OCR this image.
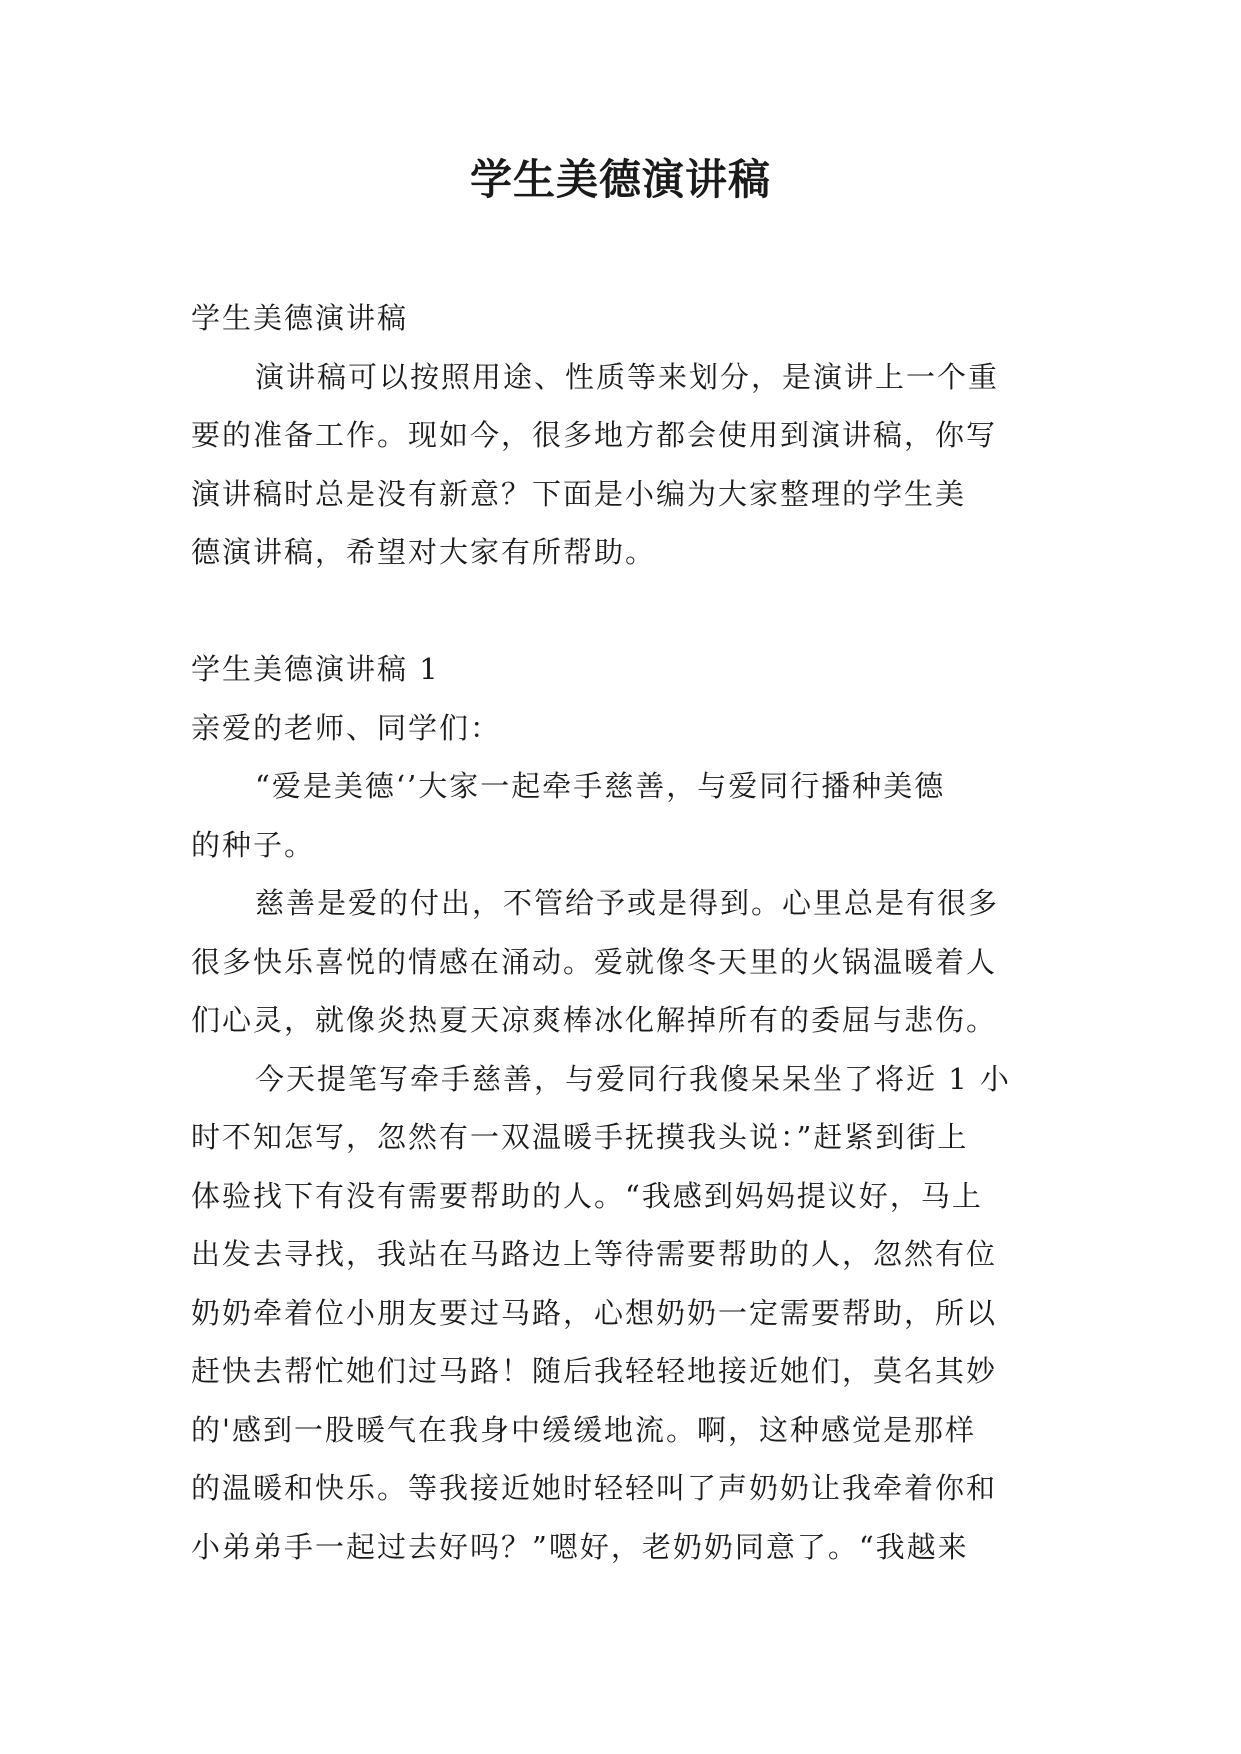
学生美德演讲稿
学生美德演讲稿
演讲稿可以按照用途、性质等来划分，是演讲上一个重
要的准备工作。现如今，很多地方都会使用到演讲稿，你写
演讲稿时总是没有新意？下面是小编为大家整理的学生美
德演讲稿，希望对大家有所帮助。
学生美德演讲稿 1
亲爱的老师、同学们：
“爱是美德‘’大家一起牵手慈善，与爱同行播种美德
的种子。
慈善是爱的付出，不管给予或是得到。心里总是有很多
很多快乐喜悦的情感在涌动。爱就像冬天里的火锅温暖着人
们心灵，就像炎热夏天凉爽棒冰化解掉所有的委屈与悲伤。
今天提笔写牵手慈善，与爱同行我傻呆呆坐了将近 1 小
时不知怎写，忽然有一双温暖手抚摸我头说：”赶紧到街上
体验找下有没有需要帮助的人。“我感到妈妈提议好，马上
出发去寻找，我站在马路边上等待需要帮助的人，忽然有位
奶奶牵着位小朋友要过马路，心想奶奶一定需要帮助，所以
赶快去帮忙她们过马路！随后我轻轻地接近她们，莫名其妙
的'感到一股暖气在我身中缓缓地流。啊，这种感觉是那样
的温暖和快乐。等我接近她时轻轻叫了声奶奶让我牵着你和
小弟弟手一起过去好吗？”嗯好，老奶奶同意了。“我越来
